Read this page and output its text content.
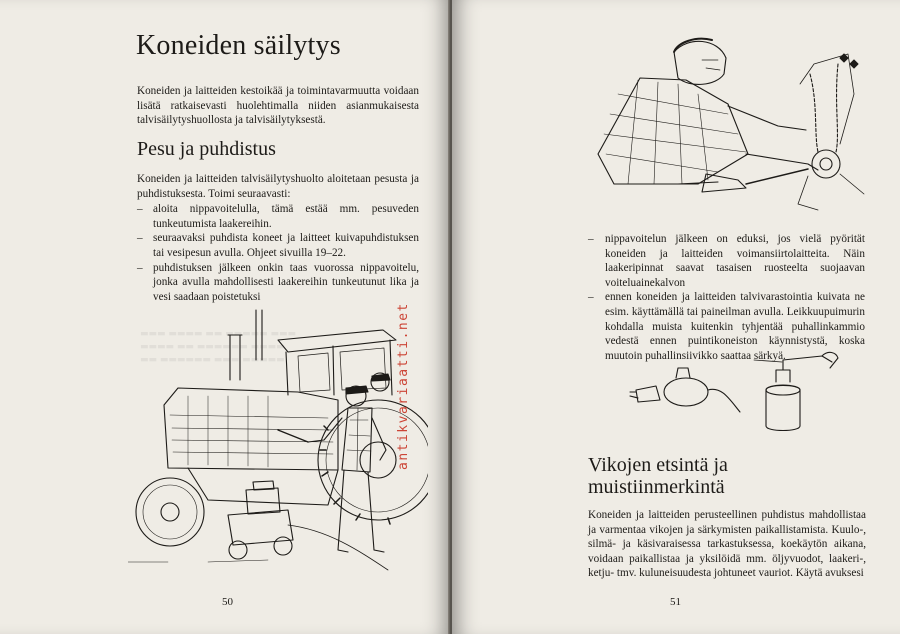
▬▬▬ ▬▬▬▬ ▬▬ ▬▬▬▬▬ ▬▬▬
▬▬▬▬ ▬▬ ▬▬▬▬▬▬ ▬▬▬▬
▬▬ ▬▬▬▬▬▬ ▬▬▬ ▬▬▬▬▬
Koneiden säilytys

Koneiden ja laitteiden kestoikää ja toimintavarmuutta voidaan lisätä ratkaisevasti huolehtimalla niiden asianmukaisesta talvisäilytyshuollosta ja talvisäilytyksestä.

Pesu ja puhdistus

Koneiden ja laitteiden talvisäilytyshuolto aloitetaan pesusta ja puhdistuksesta. Toimi seuraavasti:

– aloita nippavoitelulla, tämä estää mm. pesuveden tunkeutumista laakereihin.
– seuraavaksi puhdista koneet ja laitteet kuivapuhdistuksen tai vesipesun avulla. Ohjeet sivuilla 19–22.
– puhdistuksen jälkeen onkin taas vuorossa nippavoitelu, jonka avulla mahdollisesti laakereihin tunkeutunut lika ja vesi saadaan poistetuksi
antikvariaatti.net
50
– nippavoitelun jälkeen on eduksi, jos vielä pyörität koneiden ja laitteiden voimansiirtolaitteita. Näin laakeripinnat saavat tasaisen ruosteelta suojaavan voiteluainekalvon
– ennen koneiden ja laitteiden talvivarastointia kuivata ne esim. käyttämällä tai paineilman avulla. Leikkuupuimurin kohdalla muista kuitenkin tyhjentää puhallinkammio vedestä ennen puintikoneiston käynnistystä, koska muutoin puhallinsiivikko saattaa särkyä.
Vikojen etsintä ja
muistiinmerkintä

Koneiden ja laitteiden perusteellinen puhdistus mahdollistaa ja varmentaa vikojen ja särkymisten paikallistamista. Kuulo-, silmä- ja käsivaraisessa tarkastuksessa, koekäytön aikana, voidaan paikallistaa ja yksilöidä mm. öljyvuodot, laakeri-, ketju- tmv. kuluneisuudesta johtuneet vauriot. Käytä avuksesi

51
